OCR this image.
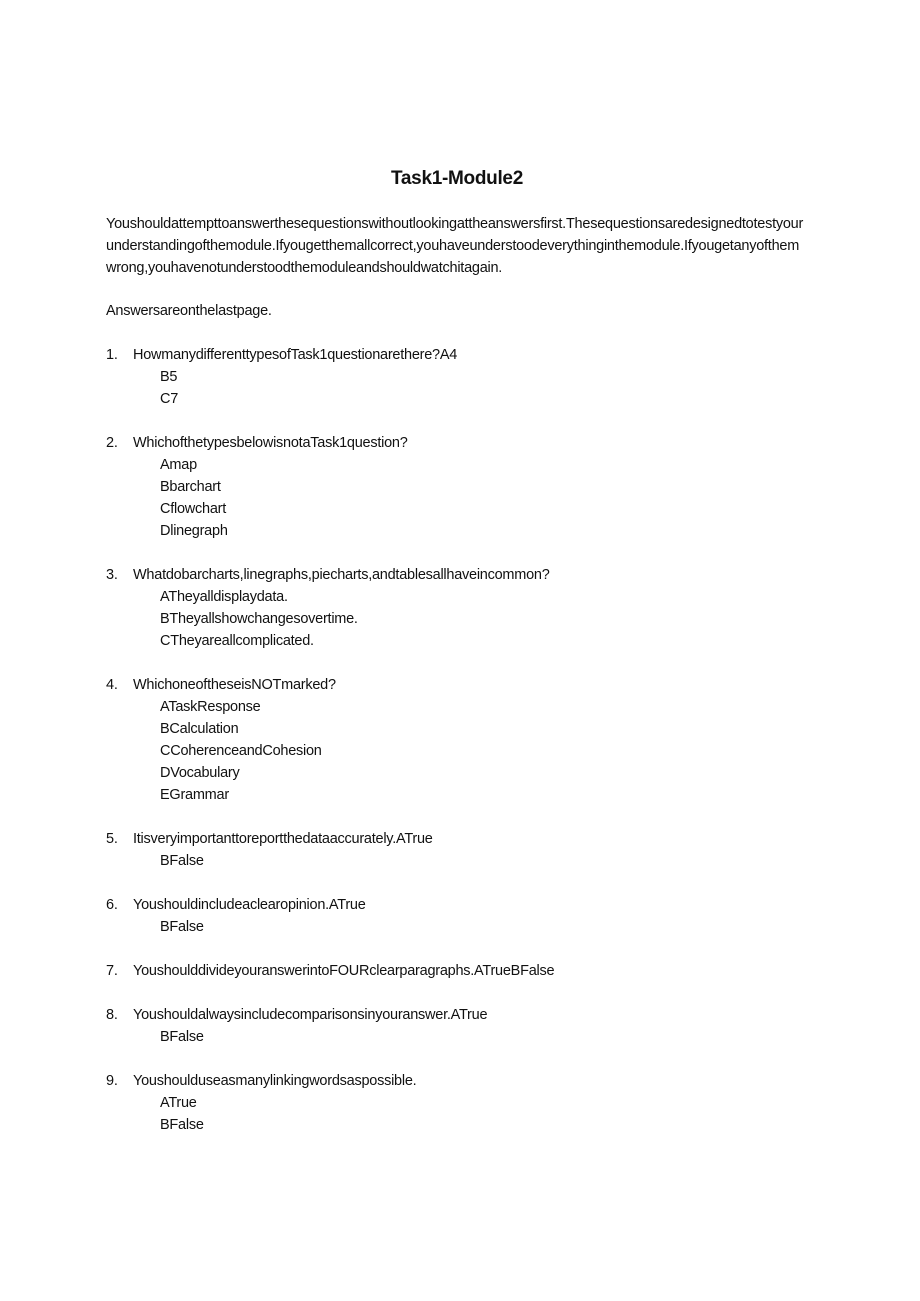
Task1-Module2
Youshouldattempttoanswerthesequestionswithoutlookingattheanswersfirst.Thesequestionsaredesignedtotestyourunderstandingofthemodule.Ifyougetthemallcorrect,youhaveunderstoodeverythinginthemodule.Ifyougetanyofthemwrong,youhavenotunderstoodthemoduleandshouldwatchitagain.
Answersareonthelastpage.
1.	HowmanydifferenttypesofTask1questionarethere?A4
B5
C7
2.	WhichofthetypesbelowisnotaTask1question?
Amap
Bbarchart
Cflowchart
Dlinegraph
3.	Whatdobarcharts,linegraphs,piecharts,andtablesallhaveincommon?
ATheyalldisplaydata.
BTheyallshowchangesovertime.
CTheyareallcomplicated.
4.	WhichoneoftheseisNOTmarked?
ATaskResponse
BCalculation
CCoherenceandCohesion
DVocabulary
EGrammar
5.	Itisveryimportanttoreportthedataaccurately.ATrue
BFalse
6.	Youshouldincludeaclearopinion.ATrue
BFalse
7.	YoushoulddivideyouranswerintoFOURclearparagraphs.ATrueBFalse
8.	Youshouldalwaysincludecomparisonsinyouranswer.ATrue
BFalse
9.	Youshoulduseasmanylinkingwordsaspossible.
ATrue
BFalse
